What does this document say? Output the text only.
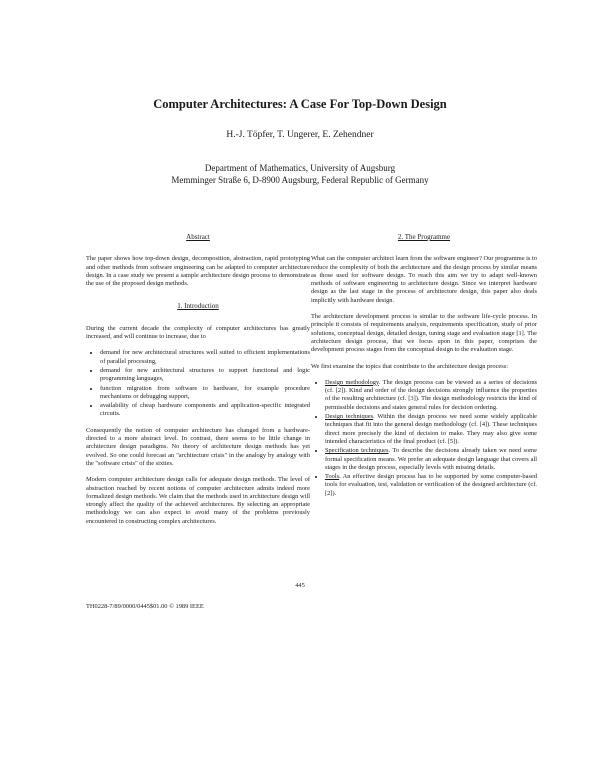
Computer Architectures: A Case For Top-Down Design
H.-J. Töpfer, T. Ungerer, E. Zehendner
Department of Mathematics, University of Augsburg
Memminger Straße 6, D-8900 Augsburg, Federal Republic of Germany
Abstract

The paper shows how top-down design, decomposition, abstraction, rapid prototyping and other methods from software engineering can be adapted to computer architecture design. In a case study we present a sample architecture design process to demonstrate the use of the proposed design methods.

1. Introduction

During the current decade the complexity of computer architectures has greatly increased, and will continue to increase, due to

• demand for new architectural structures well suited to efficient implementations of parallel processing,
• demand for new architectural structures to support functional and logic programming languages,
• function migration from software to hardware, for example procedure mechanisms or debugging support,
• availability of cheap hardware components and application-specific integrated circuits.

Consequently the notion of computer architecture has changed from a hardware-directed to a more abstract level. In contrast, there seems to be little change in architecture design paradigms. No theory of architecture design methods has yet evolved. So one could forecast an "architecture crisis" in the analogy by analogy with the "software crisis" of the sixties.

Modern computer architecture design calls for adequate design methods. The level of abstraction reached by recent notions of computer architecture admits indeed more formalized design methods. We claim that the methods used in architecture design will strongly affect the quality of the achieved architectures. By selecting an appropriate methodology we can also expect to avoid many of the problems previously encountered in constructing complex architectures.

2. The Programme

What can the computer architect learn from the software engineer? Our programme is to reduce the complexity of both the architecture and the design process by similar means as those used for software design. To reach this aim we try to adapt well-known methods of software engineering to architecture design. Since we interpret hardware design as the last stage in the process of architecture design, this paper also deals implicitly with hardware design.

The architecture development process is similar to the software life-cycle process. In principle it consists of requirements analysis, requirements specification, study of prior solutions, conceptual design, detailed design, tuning stage and evaluation stage [1]. The architecture design process, that we focus upon in this paper, comprises the development process stages from the conceptual design to the evaluation stage.

We first examine the topics that contribute to the architecture design process:

• Design methodology. The design process can be viewed as a series of decisions (cf. [2]). Kind and order of the design decisions strongly influence the properties of the resulting architecture (cf. [3]). The design methodology restricts the kind of permissible decisions and states general rules for decision ordering.
• Design techniques. Within the design process we need some widely applicable techniques that fit into the general design methodology (cf. [4]). These techniques direct more precisely the kind of decision to make. They may also give some intended characteristics of the final product (cf. [5]).
• Specification techniques. To describe the decisions already taken we need some formal specification means. We prefer an adequate design language that covers all stages in the design process, especially levels with missing details.
• Tools. An effective design process has to be supported by some computer-based tools for evaluation, test, validation or verification of the designed architecture (cf. [2]).
445
TH0228-7/89/0000/0445$01.00 © 1989 IEEE
